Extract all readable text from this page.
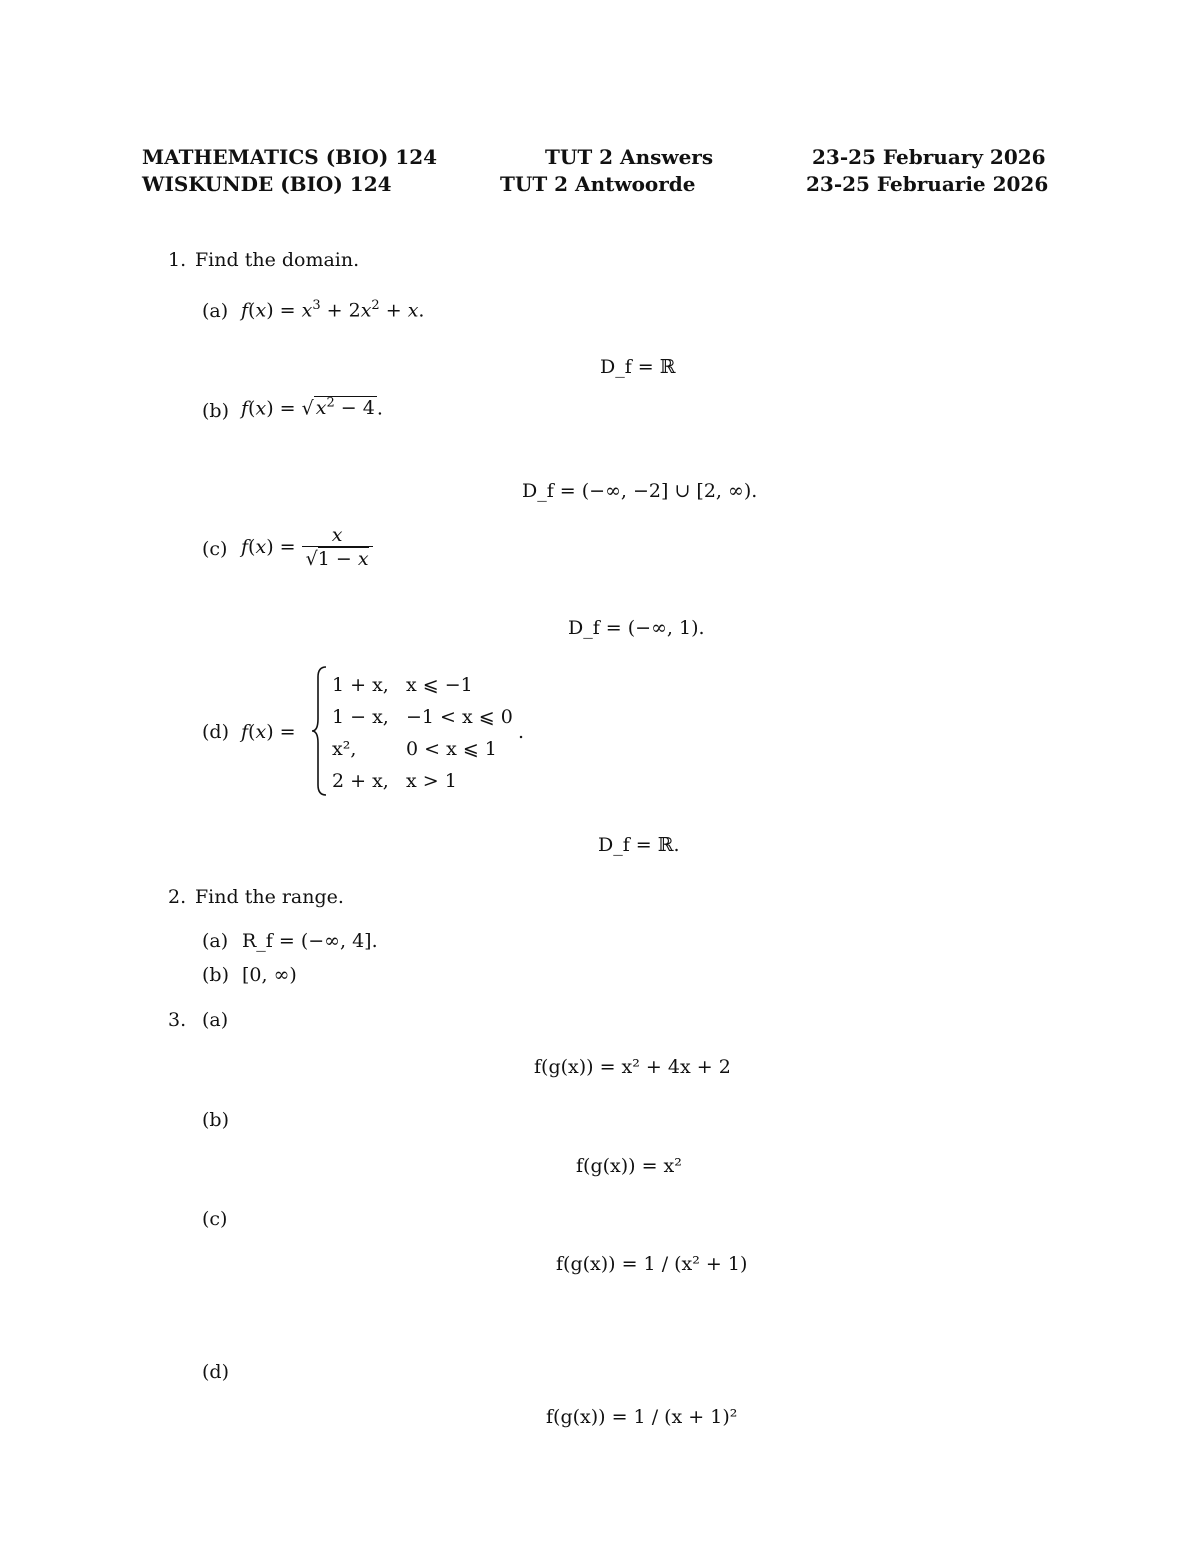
MATHEMATICS (BIO) 124	TUT 2 Answers	23-25 February 2026
WISKUNDE (BIO) 124	TUT 2 Antwoorde	23-25 Februarie 2026
1. Find the domain.
(a) $f(x) = x^3 + 2x^2 + x$.
D_f = ℝ
(b) f(x) = √ $x^2 - 4$ .
D_f = (−∞, −2] ∪ [2, ∞).
(c) $f(x) = \frac{x}{√1 - x}$
D_f = (−∞, 1).
(d) f(x) =
1 + x, x ⩽ −1
1 − x, −1 < x ⩽ 0
x²,	0 < x ⩽ 1
2 + x, x > 1
.
D_f = ℝ.
2. Find the range.
(a) R_f = (−∞, 4].
(b) [0, ∞)
3. (a)
f(g(x)) = x² + 4x + 2
(b)
f(g(x)) = x²
(c)
f(g(x)) = 1 / (x² + 1)
(d)
f(g(x)) = 1 / (x + 1)²
